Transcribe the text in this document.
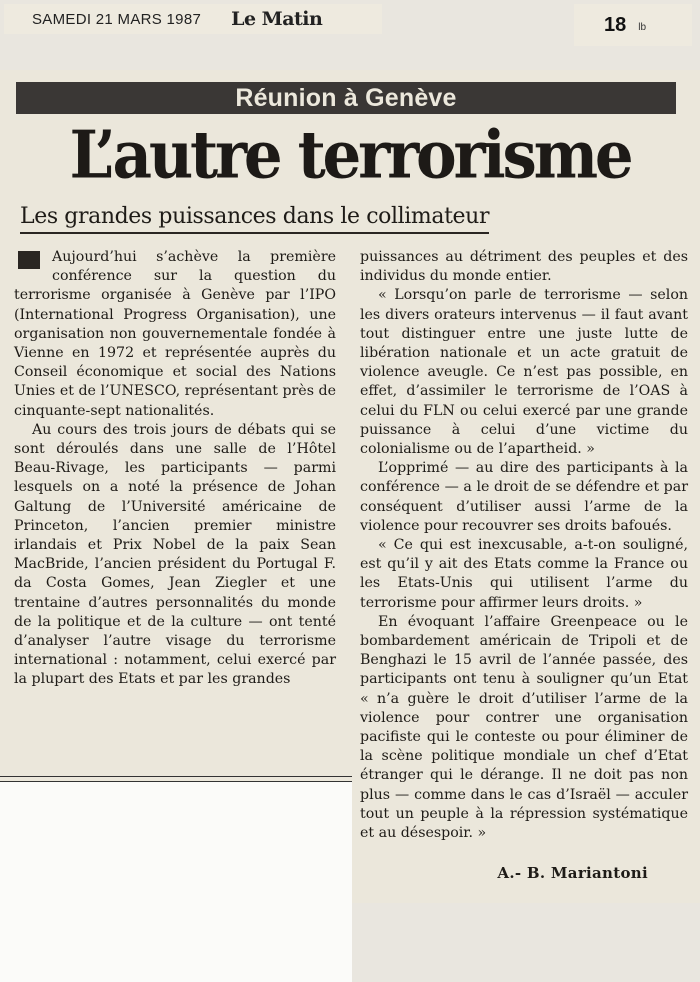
SAMEDI 21 MARS 1987 Le Matin	18 lb
Réunion à Genève
L’autre terrorisme
Les grandes puissances dans le collimateur

Aujourd’hui s’achève la première conférence sur la question du terrorisme organisée à Genève par l’IPO (International Progress Organisation), une organisation non gouvernementale fondée à Vienne en 1972 et représentée auprès du Conseil économique et social des Nations Unies et de l’UNESCO, représentant près de cinquante-sept nationalités.

Au cours des trois jours de débats qui se sont déroulés dans une salle de l’Hôtel Beau-Rivage, les participants — parmi lesquels on a noté la présence de Johan Galtung de l’Université américaine de Princeton, l’ancien premier ministre irlandais et Prix Nobel de la paix Sean MacBride, l’ancien président du Portugal F. da Costa Gomes, Jean Ziegler et une trentaine d’autres personnalités du monde de la politique et de la culture — ont tenté d’analyser l’autre visage du terrorisme international : notamment, celui exercé par la plupart des Etats et par les grandes

puissances au détriment des peuples et des individus du monde entier.

« Lorsqu’on parle de terrorisme — selon les divers orateurs intervenus — il faut avant tout distinguer entre une juste lutte de libération nationale et un acte gratuit de violence aveugle. Ce n’est pas possible, en effet, d’assimiler le terrorisme de l’OAS à celui du FLN ou celui exercé par une grande puissance à celui d’une victime du colonialisme ou de l’apartheid. »

L’opprimé — au dire des participants à la conférence — a le droit de se défendre et par conséquent d’utiliser aussi l’arme de la violence pour recouvrer ses droits bafoués.

« Ce qui est inexcusable, a-t-on souligné, est qu’il y ait des Etats comme la France ou les Etats-Unis qui utilisent l’arme du terrorisme pour affirmer leurs droits. »

En évoquant l’affaire Greenpeace ou le bombardement américain de Tripoli et de Benghazi le 15 avril de l’année passée, des participants ont tenu à souligner qu’un Etat « n’a guère le droit d’utiliser l’arme de la violence pour contrer une organisation pacifiste qui le conteste ou pour éliminer de la scène politique mondiale un chef d’Etat étranger qui le dérange. Il ne doit pas non plus — comme dans le cas d’Israël — acculer tout un peuple à la répression systématique et au désespoir. »

A.- B. Mariantoni
